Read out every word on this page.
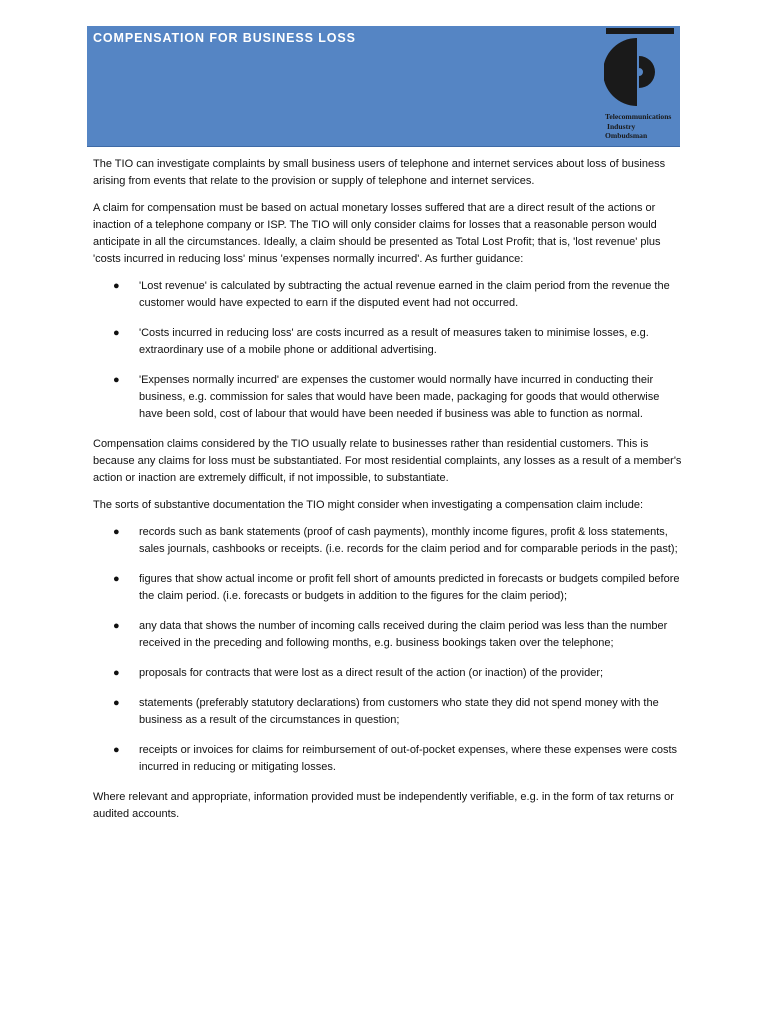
COMPENSATION FOR BUSINESS LOSS
Telecommunications
Industry
Ombudsman

The TIO can investigate complaints by small business users of telephone and internet services about loss of business arising from events that relate to the provision or supply of telephone and internet services.

A claim for compensation must be based on actual monetary losses suffered that are a direct result of the actions or inaction of a telephone company or ISP. The TIO will only consider claims for losses that a reasonable person would anticipate in all the circumstances. Ideally, a claim should be presented as Total Lost Profit; that is, 'lost revenue' plus 'costs incurred in reducing loss' minus 'expenses normally incurred'. As further guidance:

● 'Lost revenue' is calculated by subtracting the actual revenue earned in the claim period from the revenue the customer would have expected to earn if the disputed event had not occurred.
● 'Costs incurred in reducing loss' are costs incurred as a result of measures taken to minimise losses, e.g. extraordinary use of a mobile phone or additional advertising.
● 'Expenses normally incurred' are expenses the customer would normally have incurred in conducting their business, e.g. commission for sales that would have been made, packaging for goods that would otherwise have been sold, cost of labour that would have been needed if business was able to function as normal.

Compensation claims considered by the TIO usually relate to businesses rather than residential customers. This is because any claims for loss must be substantiated. For most residential complaints, any losses as a result of a member's action or inaction are extremely difficult, if not impossible, to substantiate.

The sorts of substantive documentation the TIO might consider when investigating a compensation claim include:

● records such as bank statements (proof of cash payments), monthly income figures, profit & loss statements, sales journals, cashbooks or receipts. (i.e. records for the claim period and for comparable periods in the past);
● figures that show actual income or profit fell short of amounts predicted in forecasts or budgets compiled before the claim period. (i.e. forecasts or budgets in addition to the figures for the claim period);
● any data that shows the number of incoming calls received during the claim period was less than the number received in the preceding and following months, e.g. business bookings taken over the telephone;
● proposals for contracts that were lost as a direct result of the action (or inaction) of the provider;
● statements (preferably statutory declarations) from customers who state they did not spend money with the business as a result of the circumstances in question;
● receipts or invoices for claims for reimbursement of out-of-pocket expenses, where these expenses were costs incurred in reducing or mitigating losses.

Where relevant and appropriate, information provided must be independently verifiable, e.g. in the form of tax returns or audited accounts.
